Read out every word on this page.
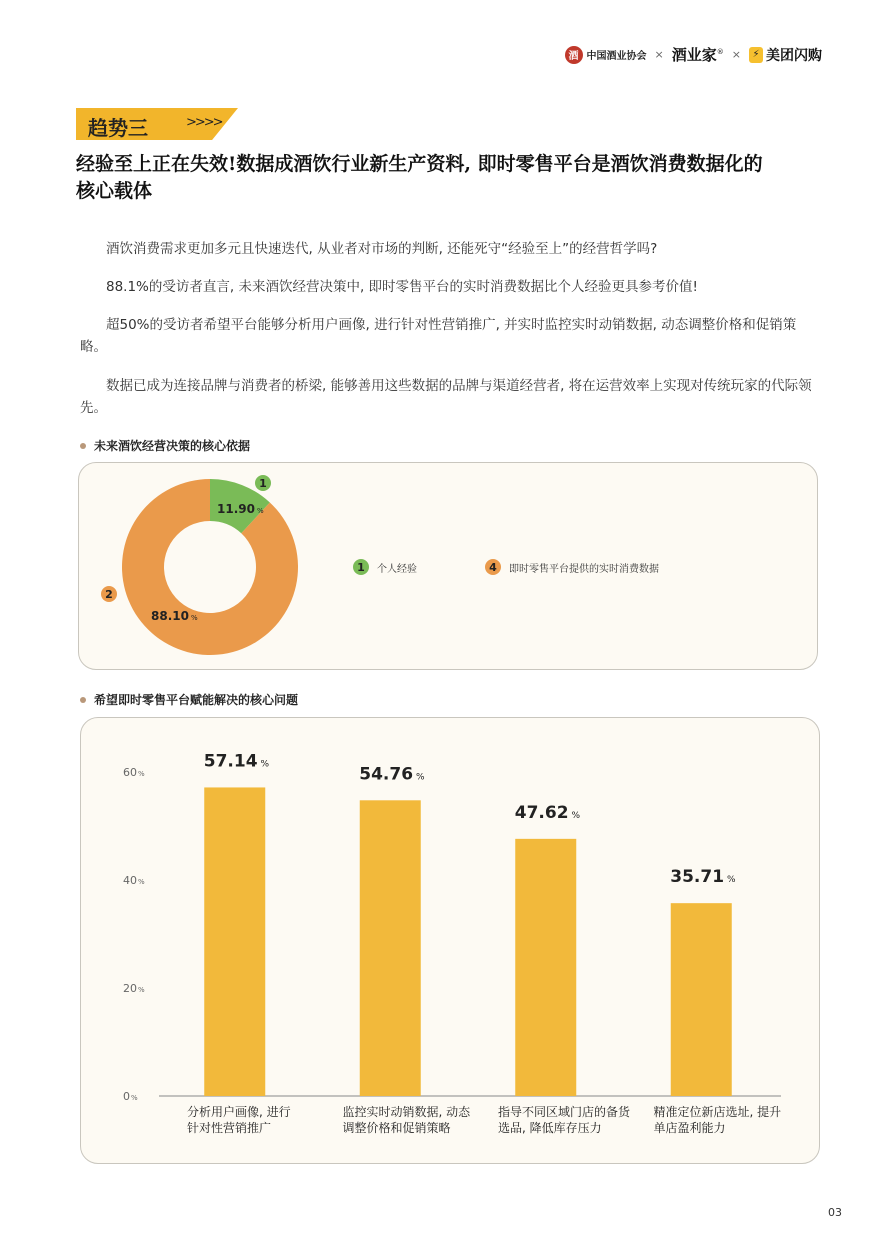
酒 中国酒业协会 × 酒业家® ×	⚡ 美团闪购
趋势三	>>>>
经验至上正在失效!数据成酒饮行业新生产资料, 即时零售平台是酒饮消费数据化的
核心载体

酒饮消费需求更加多元且快速迭代, 从业者对市场的判断, 还能死守“经验至上”的经营哲学吗?

88.1%的受访者直言, 未来酒饮经营决策中, 即时零售平台的实时消费数据比个人经验更具参考价值!

超50%的受访者希望平台能够分析用户画像, 进行针对性营销推广, 并实时监控实时动销数据, 动态调整价格和促销策略。

数据已成为连接品牌与消费者的桥梁, 能够善用这些数据的品牌与渠道经营者, 将在运营效率上实现对传统玩家的代际领先。

未来酒饮经营决策的核心依据
11.90 %
1
88.10 %
2
1	个人经验	4	即时零售平台提供的实时消费数据
希望即时零售平台赋能解决的核心问题
0 %
20 %
40 %
60 %
57.14 %
分析用户画像, 进行
针对性营销推广
54.76 %
监控实时动销数据, 动态
调整价格和促销策略
47.62 %
指导不同区域门店的备货
选品, 降低库存压力
35.71 %
精准定位新店选址, 提升
单店盈利能力
03
